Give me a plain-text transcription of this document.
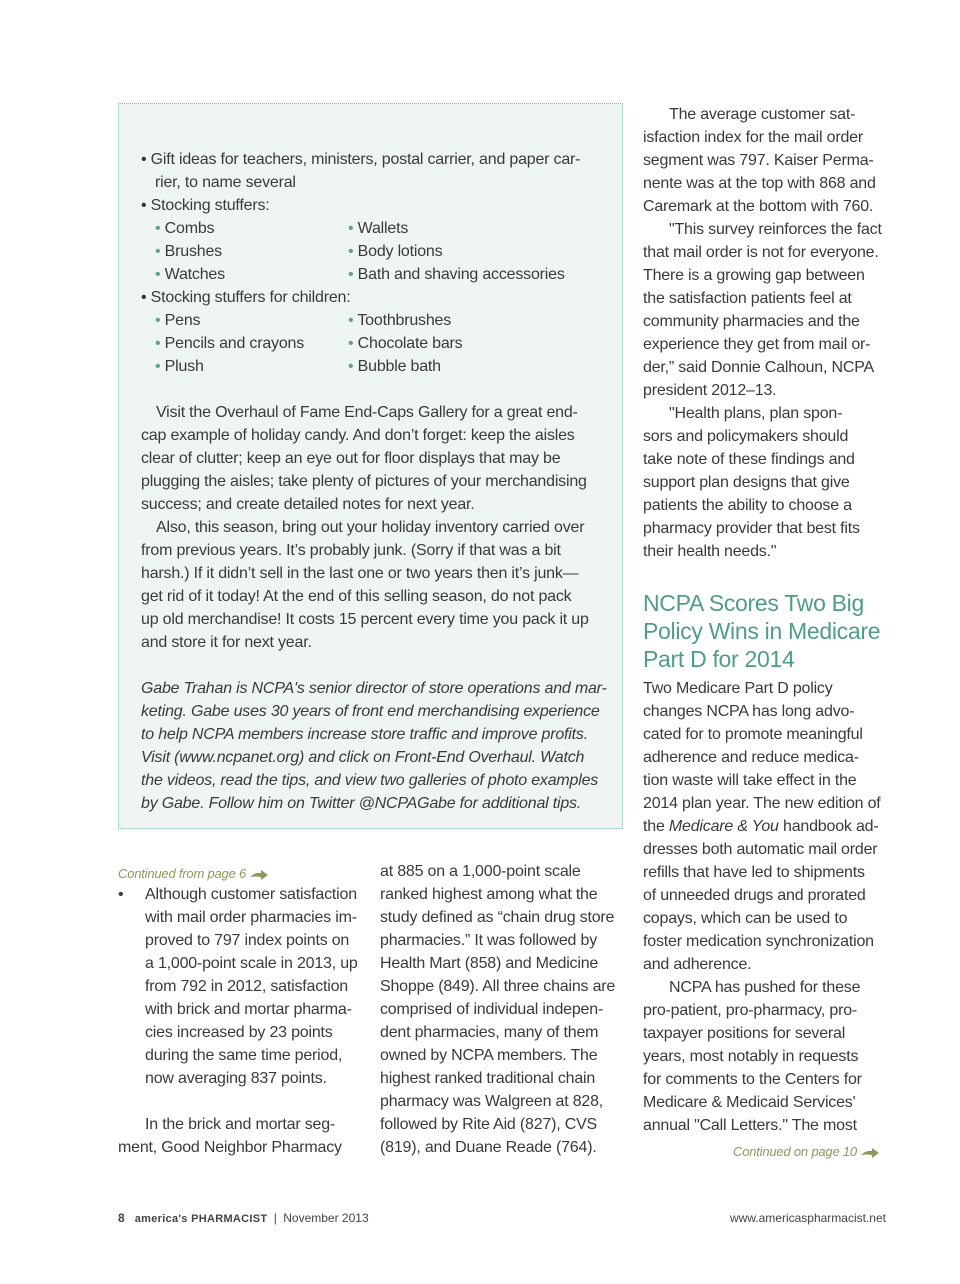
• Gift ideas for teachers, ministers, postal carrier, and paper car-
rier, to name several
• Stocking stuffers:
• Combs
• Brushes
• Watches
• Wallets
• Body lotions
• Bath and shaving accessories
• Stocking stuffers for children:
• Pens
• Pencils and crayons
• Plush
• Toothbrushes
• Chocolate bars
• Bubble bath
Visit the Overhaul of Fame End-Caps Gallery for a great end-
cap example of holiday candy. And don’t forget: keep the aisles
clear of clutter; keep an eye out for floor displays that may be
plugging the aisles; take plenty of pictures of your merchandising
success; and create detailed notes for next year.
Also, this season, bring out your holiday inventory carried over
from previous years. It’s probably junk. (Sorry if that was a bit
harsh.) If it didn’t sell in the last one or two years then it’s junk—
get rid of it today! At the end of this selling season, do not pack
up old merchandise! It costs 15 percent every time you pack it up
and store it for next year.
Gabe Trahan is NCPA's senior director of store operations and mar-
keting. Gabe uses 30 years of front end merchandising experience
to help NCPA members increase store traffic and improve profits.
Visit (www.ncpanet.org) and click on Front-End Overhaul. Watch
the videos, read the tips, and view two galleries of photo examples
by Gabe. Follow him on Twitter @NCPAGabe for additional tips.
Continued from page 6
• Although customer satisfaction
with mail order pharmacies im-
proved to 797 index points on
a 1,000-point scale in 2013, up
from 792 in 2012, satisfaction
with brick and mortar pharma-
cies increased by 23 points
during the same time period,
now averaging 837 points.
In the brick and mortar seg-
ment, Good Neighbor Pharmacy
at 885 on a 1,000-point scale
ranked highest among what the
study defined as “chain drug store
pharmacies.” It was followed by
Health Mart (858) and Medicine
Shoppe (849). All three chains are
comprised of individual indepen-
dent pharmacies, many of them
owned by NCPA members. The
highest ranked traditional chain
pharmacy was Walgreen at 828,
followed by Rite Aid (827), CVS
(819), and Duane Reade (764).
The average customer sat-
isfaction index for the mail order
segment was 797. Kaiser Perma-
nente was at the top with 868 and
Caremark at the bottom with 760.
"This survey reinforces the fact
that mail order is not for everyone.
There is a growing gap between
the satisfaction patients feel at
community pharmacies and the
experience they get from mail or-
der,” said Donnie Calhoun, NCPA
president 2012–13.
"Health plans, plan spon-
sors and policymakers should
take note of these findings and
support plan designs that give
patients the ability to choose a
pharmacy provider that best fits
their health needs."
NCPA Scores Two Big
Policy Wins in Medicare
Part D for 2014
Two Medicare Part D policy
changes NCPA has long advo-
cated for to promote meaningful
adherence and reduce medica-
tion waste will take effect in the
2014 plan year. The new edition of
the Medicare & You handbook ad-
dresses both automatic mail order
refills that have led to shipments
of unneeded drugs and prorated
copays, which can be used to
foster medication synchronization
and adherence.
NCPA has pushed for these
pro-patient, pro-pharmacy, pro-
taxpayer positions for several
years, most notably in requests
for comments to the Centers for
Medicare & Medicaid Services'
annual "Call Letters." The most
Continued on page 10
8 america's PHARMACIST | November 2013	www.americaspharmacist.net
